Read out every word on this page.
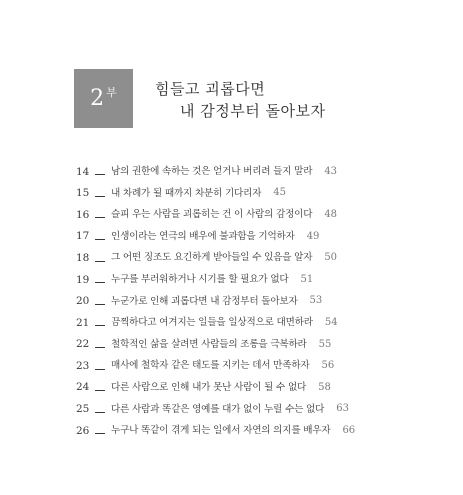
2 부	힘들고 괴롭다면
내 감정부터 돌아보자
14 남의 권한에 속하는 것은 얻거나 버리려 들지 말라 43
15 내 차례가 될 때까지 차분히 기다리자 45
16 슬피 우는 사람을 괴롭히는 건 이 사람의 감정이다 48
17 인생이라는 연극의 배우에 불과함을 기억하자 49
18 그 어떤 징조도 요긴하게 받아들일 수 있음을 알자 50
19 누구를 부러워하거나 시기를 할 필요가 없다 51
20 누군가로 인해 괴롭다면 내 감정부터 돌아보자 53
21 끔찍하다고 여겨지는 일들을 일상적으로 대면하라 54
22 철학적인 삶을 살려면 사람들의 조롱을 극복하라 55
23 매사에 철학자 같은 태도를 지키는 데서 만족하자 56
24 다른 사람으로 인해 내가 못난 사람이 될 수 없다 58
25 다른 사람과 똑같은 영예를 대가 없이 누릴 수는 없다 63
26 누구나 똑같이 겪게 되는 일에서 자연의 의지를 배우자 66
